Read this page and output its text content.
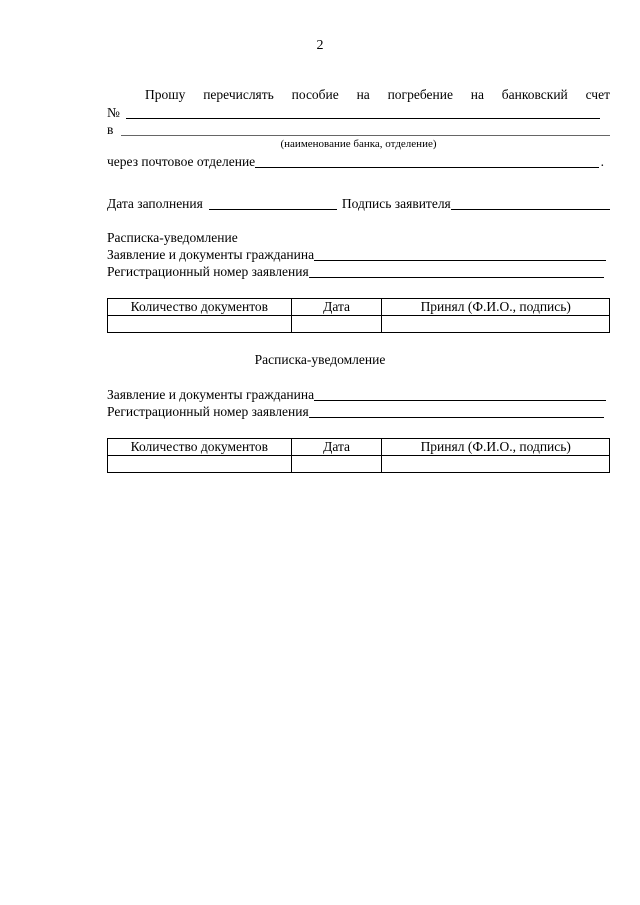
2
Прошу перечислять пособие на погребение на банковский счет
№
в
(наименование банка, отделение)
через почтовое отделение	.
Дата заполнения	Подпись заявителя
Расписка-уведомление
Заявление и документы гражданина
Регистрационный номер заявления
Количество документов	Дата	Принял (Ф.И.О., подпись)

Расписка-уведомление
Заявление и документы гражданина
Регистрационный номер заявления
Количество документов	Дата	Принял (Ф.И.О., подпись)
